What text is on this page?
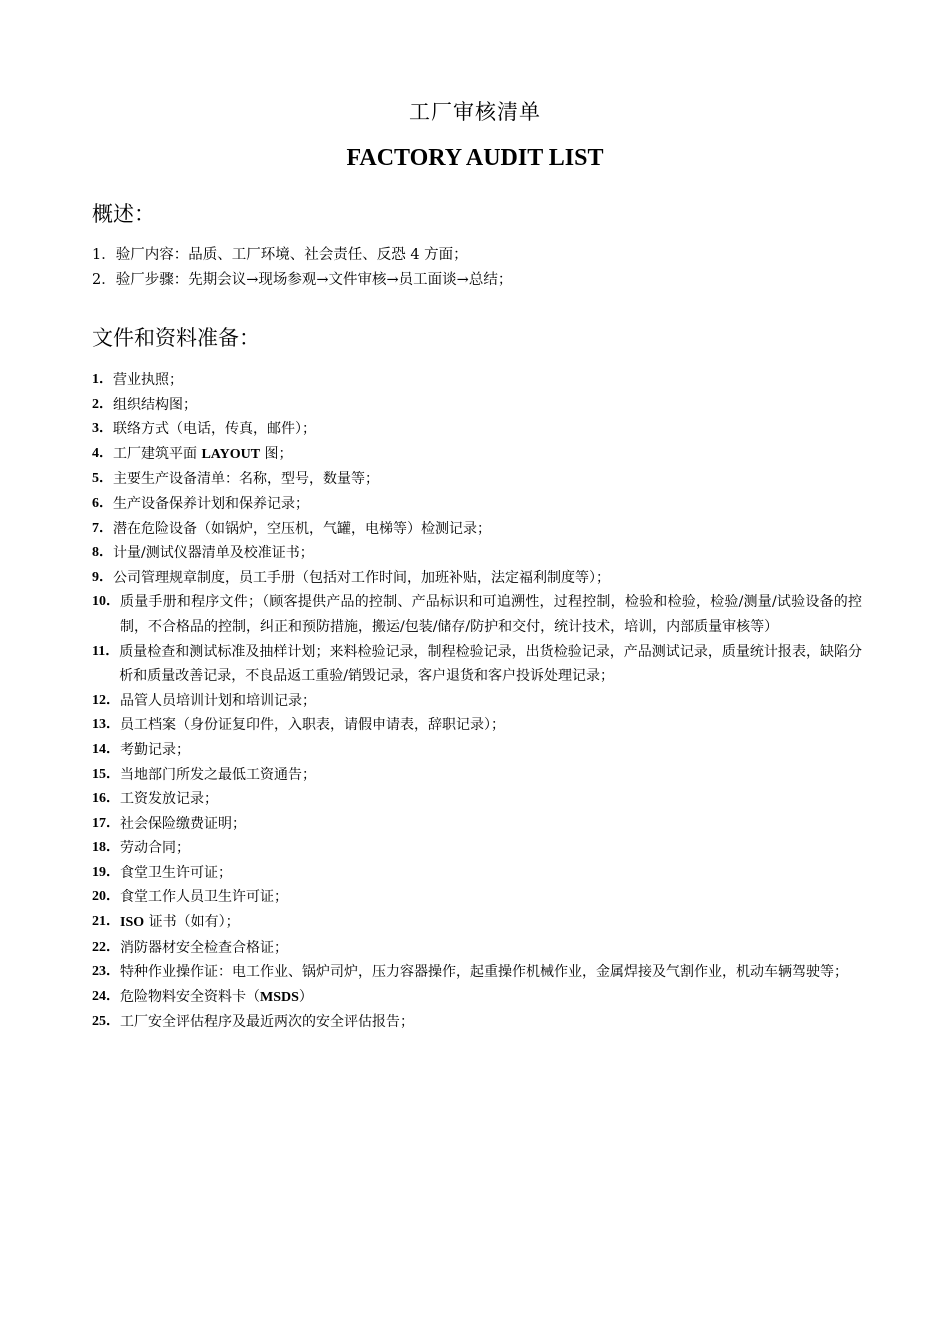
工厂审核清单
FACTORY AUDIT LIST
概述：
1．验厂内容：品质、工厂环境、社会责任、反恐 4 方面；
2．验厂步骤：先期会议→现场参观→文件审核→员工面谈→总结；
文件和资料准备：
1． 营业执照；
2． 组织结构图；
3． 联络方式（电话，传真，邮件）；
4． 工厂建筑平面 LAYOUT 图；
5． 主要生产设备清单：名称，型号，数量等；
6． 生产设备保养计划和保养记录；
7． 潜在危险设备（如锅炉，空压机，气罐，电梯等）检测记录；
8． 计量/测试仪器清单及校准证书；
9． 公司管理规章制度，员工手册（包括对工作时间，加班补贴，法定福利制度等）；
10． 质量手册和程序文件；（顾客提供产品的控制、产品标识和可追溯性，过程控制，检验和检验，检验/测量/试验设备的控制，不合格品的控制，纠正和预防措施，搬运/包装/储存/防护和交付，统计技术，培训，内部质量审核等）
11． 质量检查和测试标准及抽样计划；来料检验记录，制程检验记录，出货检验记录，产品测试记录，质量统计报表，缺陷分析和质量改善记录，不良品返工重验/销毁记录，客户退货和客户投诉处理记录；
12． 品管人员培训计划和培训记录；
13． 员工档案（身份证复印件，入职表，请假申请表，辞职记录）；
14． 考勤记录；
15． 当地部门所发之最低工资通告；
16． 工资发放记录；
17． 社会保险缴费证明；
18． 劳动合同；
19． 食堂卫生许可证；
20． 食堂工作人员卫生许可证；
21． ISO 证书（如有）；
22． 消防器材安全检查合格证；
23． 特种作业操作证：电工作业、锅炉司炉，压力容器操作，起重操作机械作业，金属焊接及气割作业，机动车辆驾驶等；
24． 危险物料安全资料卡（MSDS）
25． 工厂安全评估程序及最近两次的安全评估报告；
